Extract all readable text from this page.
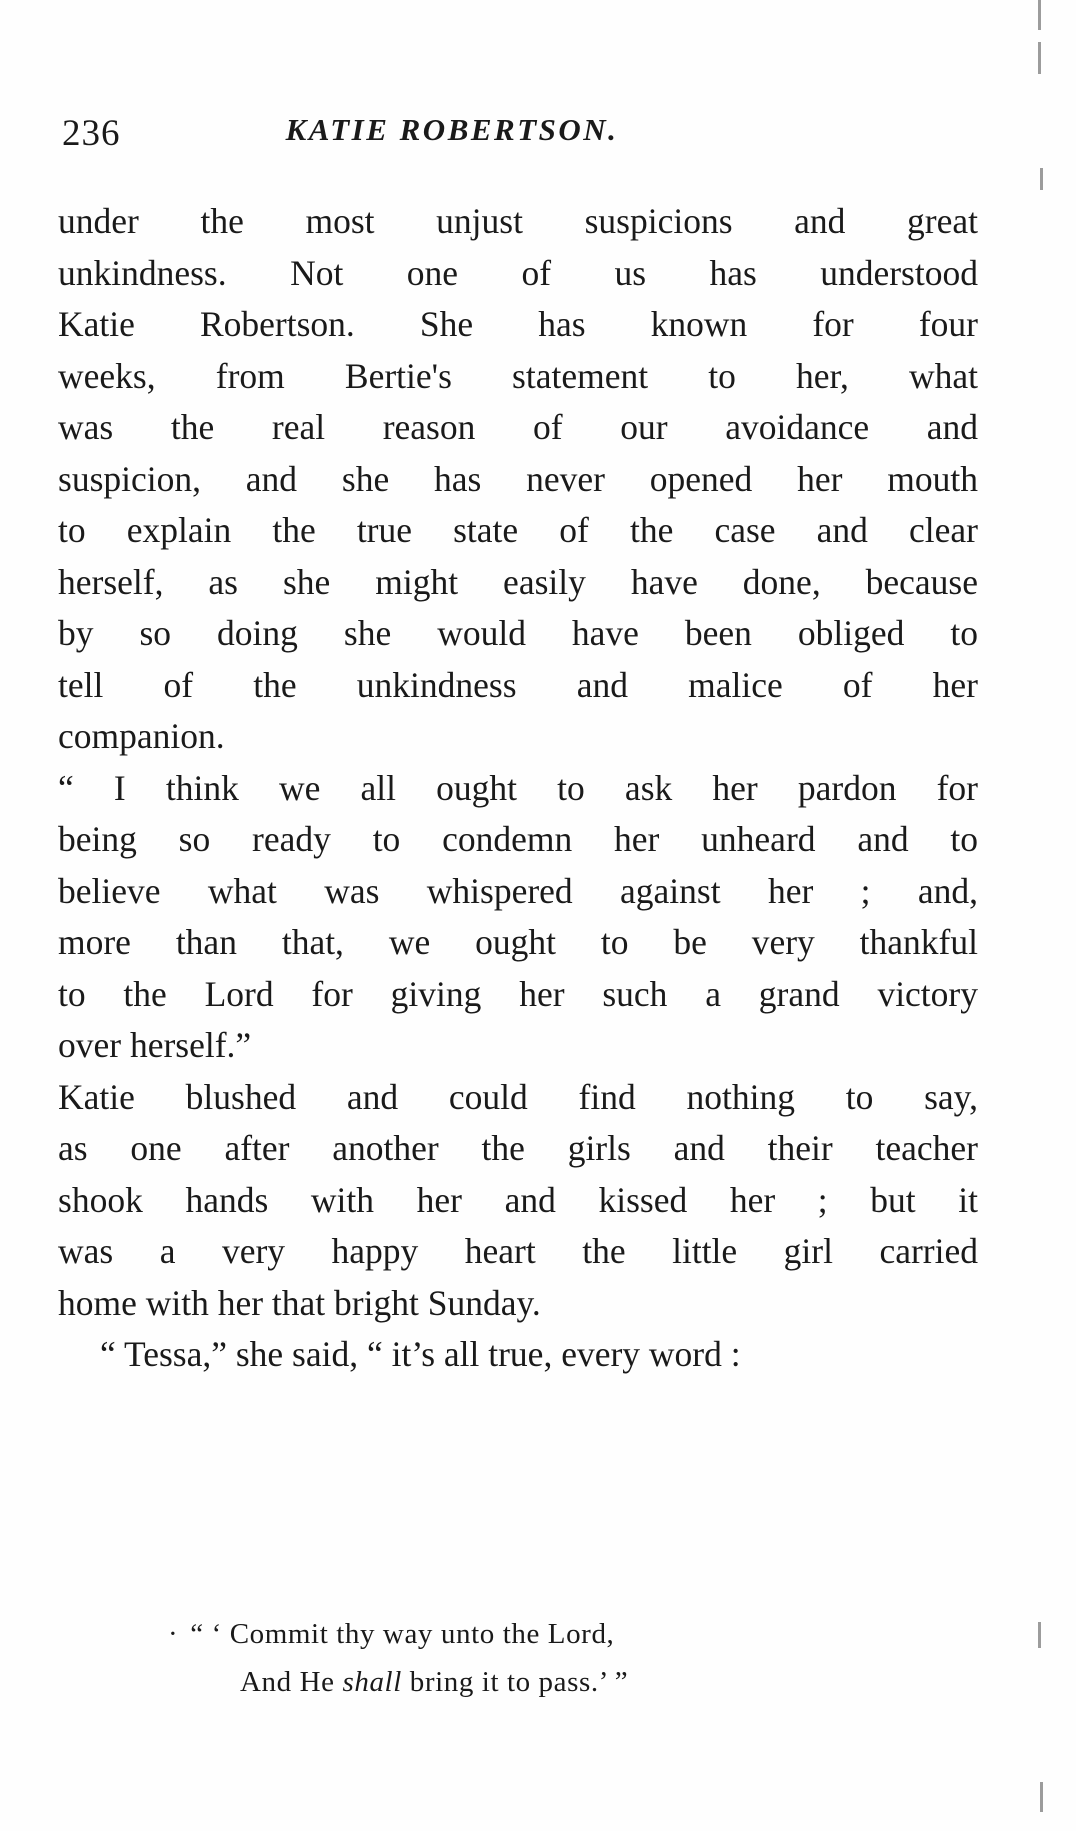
236	KATIE ROBERTSON.

under the most unjust suspicions and great
unkindness. Not one of us has understood
Katie Robertson. She has known for four
weeks, from Bertie's statement to her, what
was the real reason of our avoidance and
suspicion, and she has never opened her mouth
to explain the true state of the case and clear
herself, as she might easily have done, because
by so doing she would have been obliged to
tell of the unkindness and malice of her
companion.

“ I think we all ought to ask her pardon for
being so ready to condemn her unheard and to
believe what was whispered against her ; and,
more than that, we ought to be very thankful
to the Lord for giving her such a grand victory
over herself.”

Katie blushed and could find nothing to say,
as one after another the girls and their teacher
shook hands with her and kissed her ; but it
was a very happy heart the little girl carried
home with her that bright Sunday.

“ Tessa,” she said, “ it’s all true, every word :

· “ ‘ Commit thy way unto the Lord,
And He shall bring it to pass.’ ”
